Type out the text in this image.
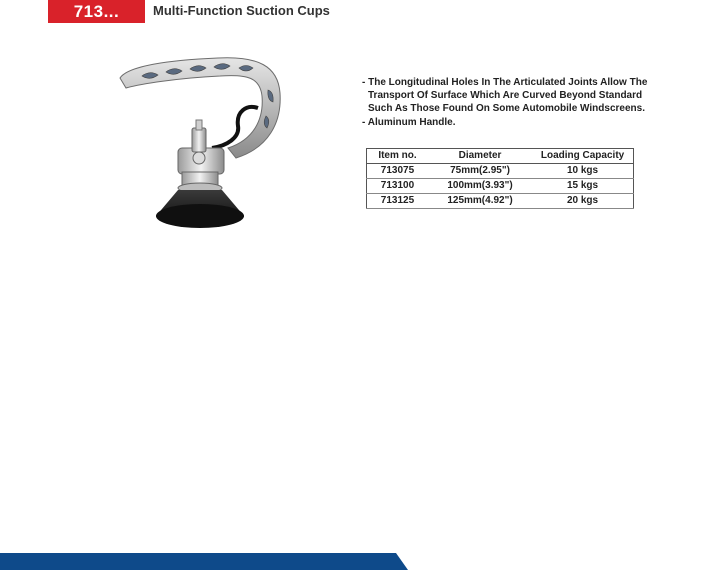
713...	Multi-Function Suction Cups
- The Longitudinal Holes In The Articulated Joints Allow The Transport Of Surface Which Are Curved Beyond Standard Such As Those Found On Some Automobile Windscreens.
- Aluminum Handle.
Item no.	Diameter	Loading Capacity
713075	75mm(2.95")	10 kgs
713100	100mm(3.93")	15 kgs
713125	125mm(4.92")	20 kgs
